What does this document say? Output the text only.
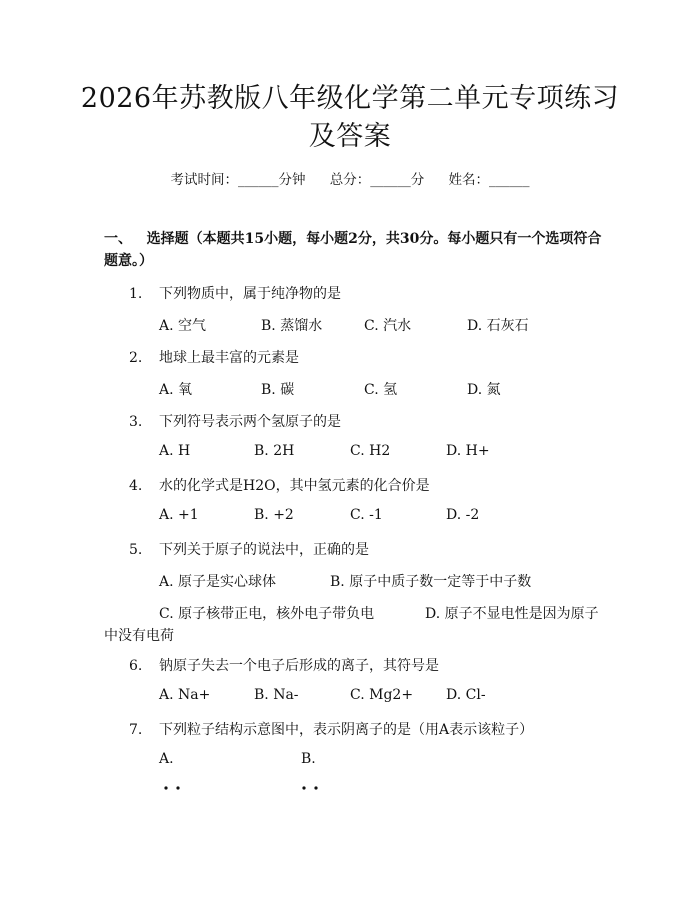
2026年苏教版八年级化学第二单元专项练习
及答案
考试时间：______分钟 总分：______分 姓名：______
一、 选择题（本题共15小题，每小题2分，共30分。每小题只有一个选项符合
题意。）
1. 下列物质中，属于纯净物的是
A. 空气	B. 蒸馏水	C. 汽水	D. 石灰石
2. 地球上最丰富的元素是
A. 氧	B. 碳	C. 氢	D. 氮
3. 下列符号表示两个氢原子的是
A. H	B. 2H	C. H2	D. H+
4. 水的化学式是H2O，其中氢元素的化合价是
A. +1	B. +2	C. -1	D. -2
5. 下列关于原子的说法中，正确的是
A. 原子是实心球体	B. 原子中质子数一定等于中子数
C. 原子核带正电，核外电子带负电	D. 原子不显电性是因为原子
中没有电荷
6. 钠原子失去一个电子后形成的离子，其符号是
A. Na+	B. Na-	C. Mg2+ D. Cl-
7. 下列粒子结构示意图中，表示阴离子的是（用A表示该粒子）
A.	B.
